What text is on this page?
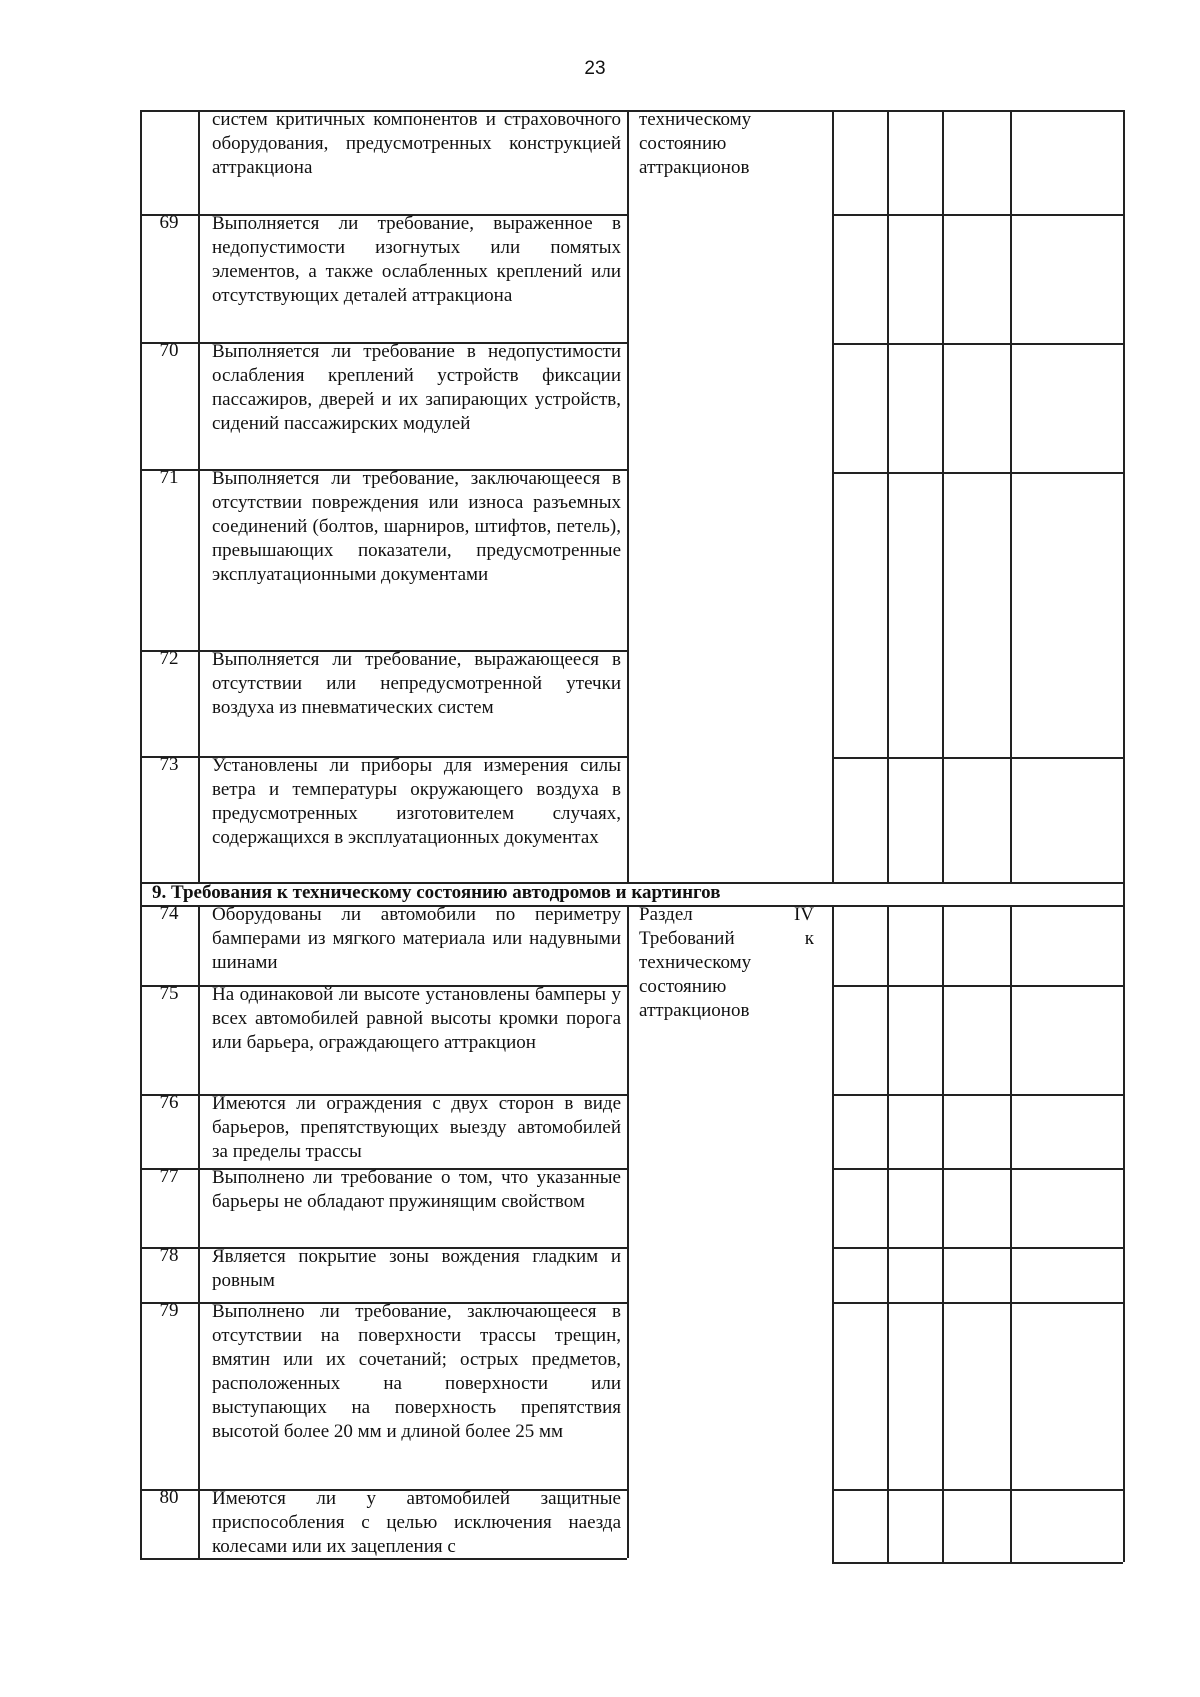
23
систем критичных компонентов и страховочного оборудования, предусмотренных конструкцией аттракциона
69	Выполняется ли требование, выраженное в недопустимости изогнутых или помятых элементов, а также ослабленных креплений или отсутствующих деталей аттракциона
70	Выполняется ли требование в недопустимости ослабления креплений устройств фиксации пассажиров, дверей и их запирающих устройств, сидений пассажирских модулей
71	Выполняется ли требование, заключающееся в отсутствии повреждения или износа разъемных соединений (болтов, шарниров, штифтов, петель), превышающих показатели, предусмотренные эксплуатационными документами
72	Выполняется ли требование, выражающееся в отсутствии или непредусмотренной утечки воздуха из пневматических систем
73	Установлены ли приборы для измерения силы ветра и температуры окружающего воздуха в предусмотренных изготовителем случаях, содержащихся в эксплуатационных документах
техническому состоянию аттракционов
9. Требования к техническому состоянию автодромов и картингов
74	Оборудованы ли автомобили по периметру бамперами из мягкого материала или надувными шинами
75	На одинаковой ли высоте установлены бамперы у всех автомобилей равной высоты кромки порога или барьера, ограждающего аттракцион
76	Имеются ли ограждения с двух сторон в виде барьеров, препятствующих выезду автомобилей за пределы трассы
77	Выполнено ли требование о том, что указанные барьеры не обладают пружинящим свойством
78	Является покрытие зоны вождения гладким и ровным
79	Выполнено ли требование, заключающееся в отсутствии на поверхности трассы трещин, вмятин или их сочетаний; острых предметов, расположенных на поверхности или выступающих на поверхность препятствия высотой более 20 мм и длиной более 25 мм
80	Имеются ли у автомобилей защитные приспособления с целью исключения наезда колесами или их зацепления с
Раздел IV Требований к техническому состоянию аттракционов
